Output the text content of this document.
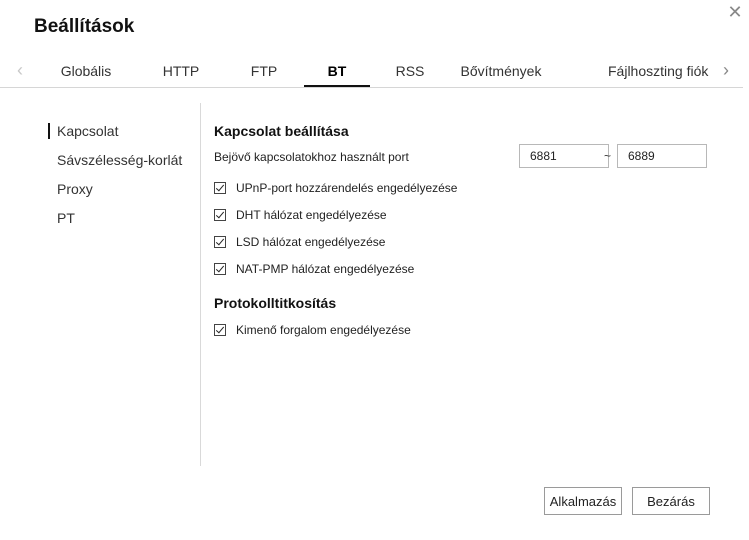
Beállítások
✕
‹	Globális	HTTP	FTP	BT	RSS	Bővítmények	Fájlhoszting fiók ›
Kapcsolat
Sávszélesség-korlát
Proxy
PT
Kapcsolat beállítása
Bejövő kapcsolatokhoz használt port
6881	~
6889
UPnP-port hozzárendelés engedélyezése
DHT hálózat engedélyezése
LSD hálózat engedélyezése
NAT-PMP hálózat engedélyezése
Protokolltitkosítás
Kimenő forgalom engedélyezése
Alkalmazás	Bezárás
